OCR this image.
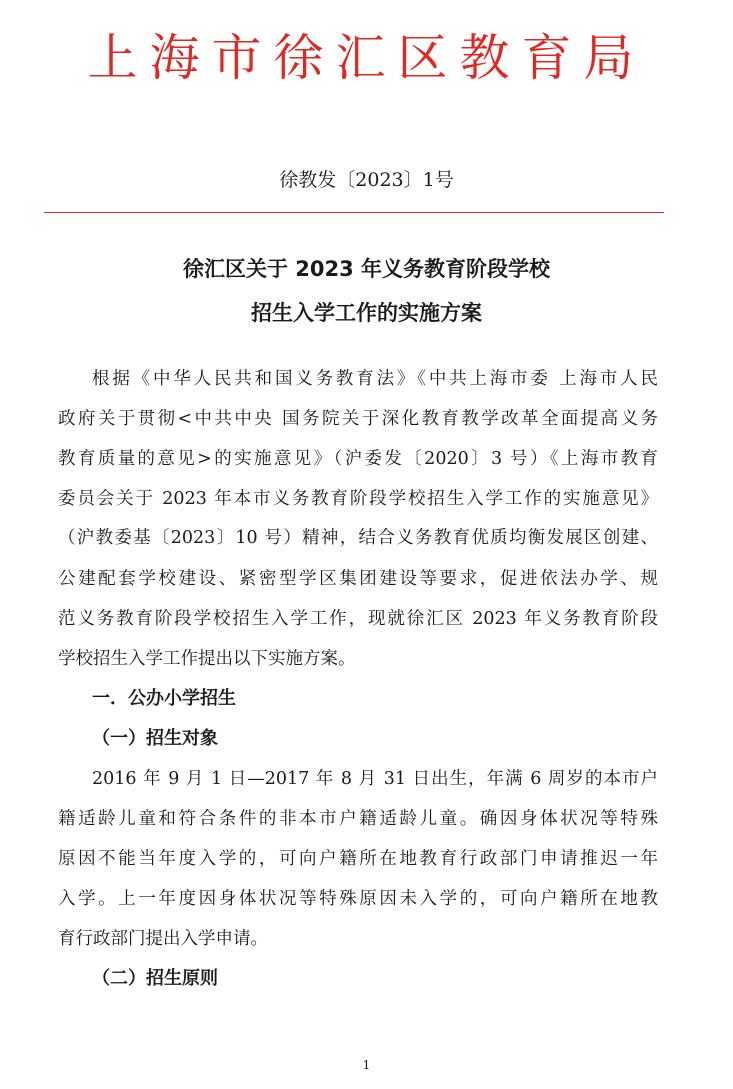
上海市徐汇区教育局
徐教发〔2023〕1号
徐汇区关于 2023 年义务教育阶段学校
招生入学工作的实施方案
根据《中华人民共和国义务教育法》《中共上海市委 上海市人民
政府关于贯彻<中共中央 国务院关于深化教育教学改革全面提高义务
教育质量的意见>的实施意见》（沪委发〔2020〕3 号）《上海市教育
委员会关于 2023 年本市义务教育阶段学校招生入学工作的实施意见》
（沪教委基〔2023〕10 号）精神，结合义务教育优质均衡发展区创建、
公建配套学校建设、紧密型学区集团建设等要求，促进依法办学、规
范义务教育阶段学校招生入学工作，现就徐汇区 2023 年义务教育阶段
学校招生入学工作提出以下实施方案。
一．公办小学招生
（一）招生对象
2016 年 9 月 1 日—2017 年 8 月 31 日出生，年满 6 周岁的本市户
籍适龄儿童和符合条件的非本市户籍适龄儿童。确因身体状况等特殊
原因不能当年度入学的，可向户籍所在地教育行政部门申请推迟一年
入学。上一年度因身体状况等特殊原因未入学的，可向户籍所在地教
育行政部门提出入学申请。
（二）招生原则
1
